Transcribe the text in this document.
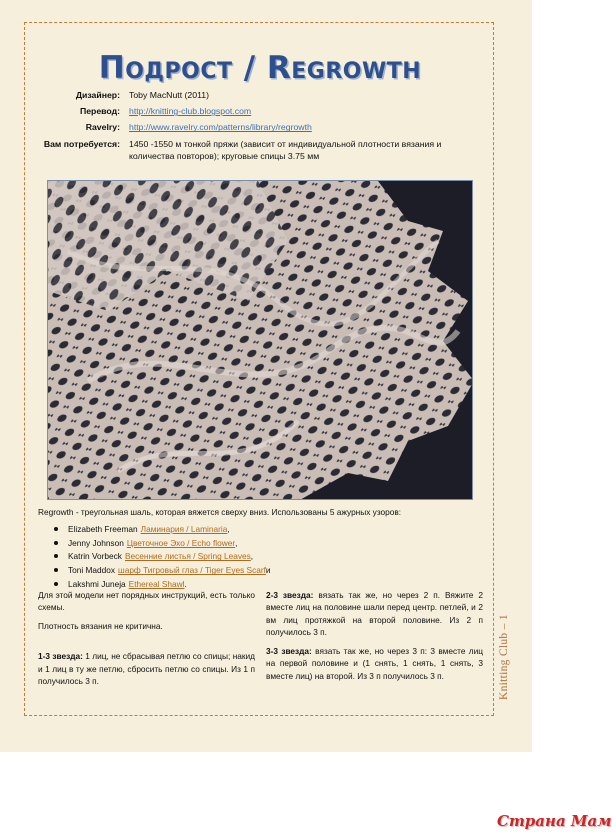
Подрост / Regrowth
Дизайнер:	Toby MacNutt (2011)
Перевод:	http://knitting-club.blogspot.com
Ravelry:	http://www.ravelry.com/patterns/library/regrowth
Вам потребуется:	1450 -1550 м тонкой пряжи (зависит от индивидуальной плотности вязания и количества повторов); круговые спицы 3.75 мм

Regrowth - треугольная шаль, которая вяжется сверху вниз. Использованы 5 ажурных узоров:

Elizabeth Freeman Ламинария / Laminaria ,
Jenny Johnson Цветочное Эхо / Echo flower ,
Katrin Vorbeck Весенние листья / Spring Leaves ,
Toni Maddox шарф Тигровый глаз / Tiger Eyes Scarf и
Lakshmi Juneja Ethereal Shawl .

Для этой модели нет порядных инструкций, есть только схемы.

Плотность вязания не критична.

1-3 звезда: 1 лиц, не сбрасывая петлю со спицы; накид и 1 лиц в ту же петлю, сбросить петлю со спицы. Из 1 п получилось 3 п.

2-3 звезда: вязать так же, но через 2 п. Вяжите 2 вместе лиц на половине шали перед центр. петлей, и 2 вм лиц протяжкой на второй половине. Из 2 п получилось 3 п.

3-3 звезда: вязать так же, но через 3 п: 3 вместе лиц на первой половине и (1 снять, 1 снять, 1 снять, 3 вместе лиц) на второй. Из 3 п получилось 3 п.	Knitting Club – 1
Страна Мам
